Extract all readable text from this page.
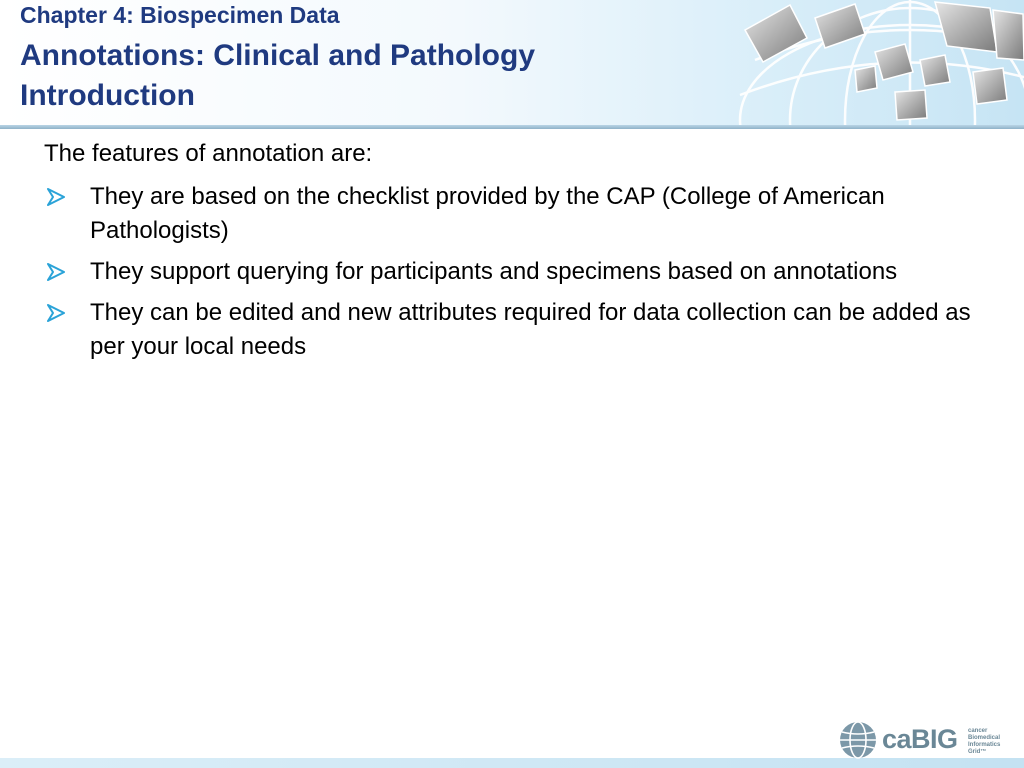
Chapter 4: Biospecimen Data
Annotations: Clinical and Pathology
Introduction
The features of annotation are:
They are based on the checklist provided by the CAP (College of American Pathologists)
They support querying for participants and specimens based on annotations
They can be edited and new attributes required for data collection can be added as per your local needs
caBIG cancer Biomedical Informatics Grid™
